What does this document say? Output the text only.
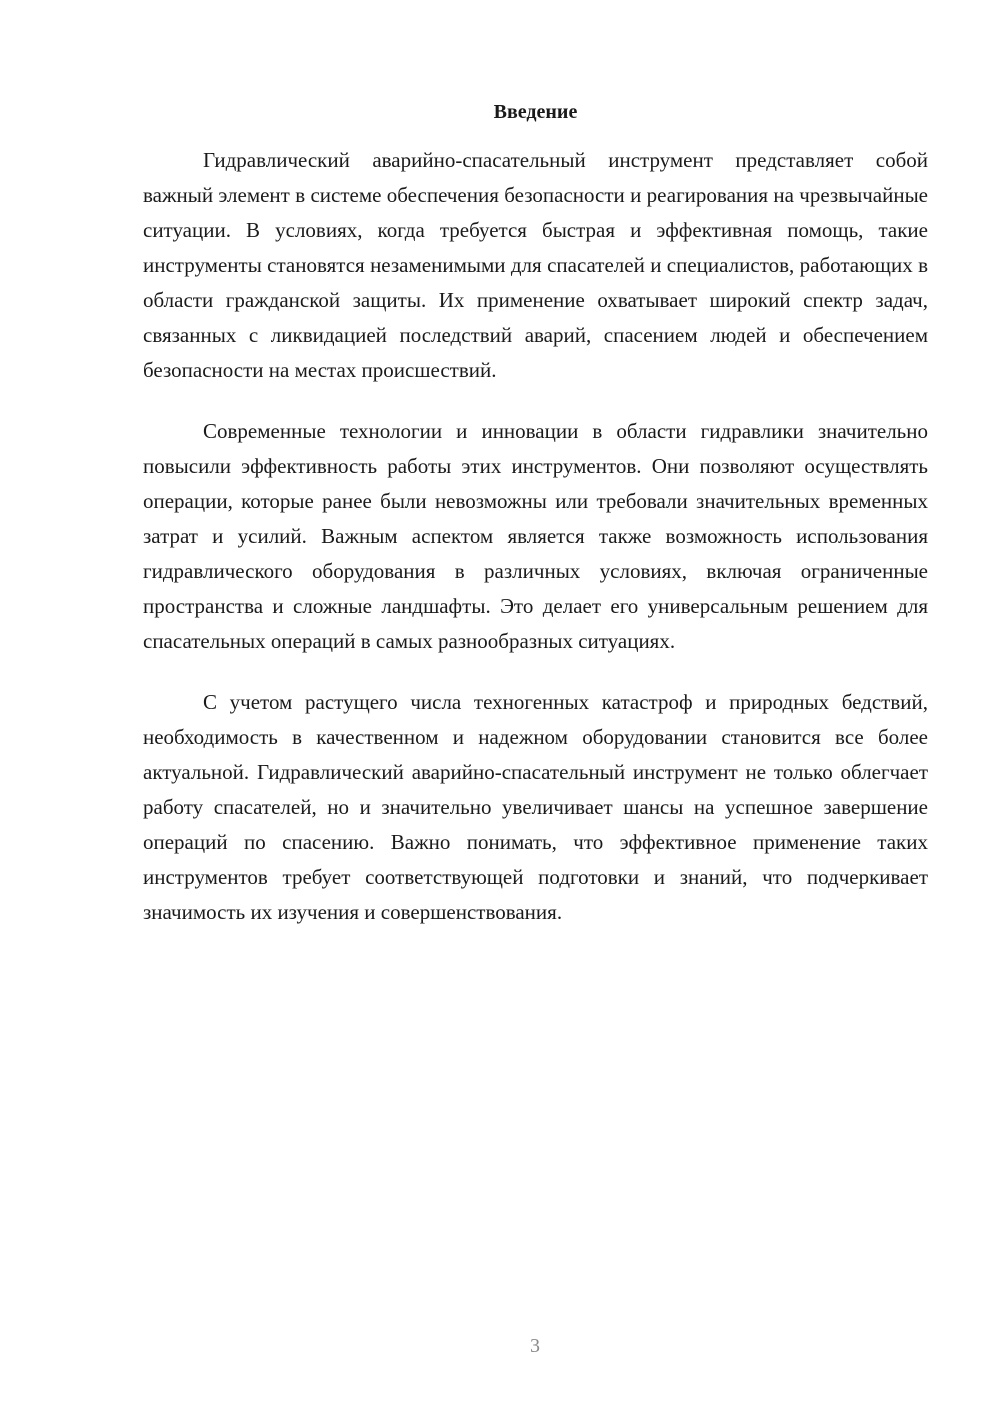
Введение

Гидравлический аварийно-спасательный инструмент представляет собой важный элемент в системе обеспечения безопасности и реагирования на чрезвычайные ситуации. В условиях, когда требуется быстрая и эффективная помощь, такие инструменты становятся незаменимыми для спасателей и специалистов, работающих в области гражданской защиты. Их применение охватывает широкий спектр задач, связанных с ликвидацией последствий аварий, спасением людей и обеспечением безопасности на местах происшествий.

Современные технологии и инновации в области гидравлики значительно повысили эффективность работы этих инструментов. Они позволяют осуществлять операции, которые ранее были невозможны или требовали значительных временных затрат и усилий. Важным аспектом является также возможность использования гидравлического оборудования в различных условиях, включая ограниченные пространства и сложные ландшафты. Это делает его универсальным решением для спасательных операций в самых разнообразных ситуациях.

С учетом растущего числа техногенных катастроф и природных бедствий, необходимость в качественном и надежном оборудовании становится все более актуальной. Гидравлический аварийно-спасательный инструмент не только облегчает работу спасателей, но и значительно увеличивает шансы на успешное завершение операций по спасению. Важно понимать, что эффективное применение таких инструментов требует соответствующей подготовки и знаний, что подчеркивает значимость их изучения и совершенствования.

3
